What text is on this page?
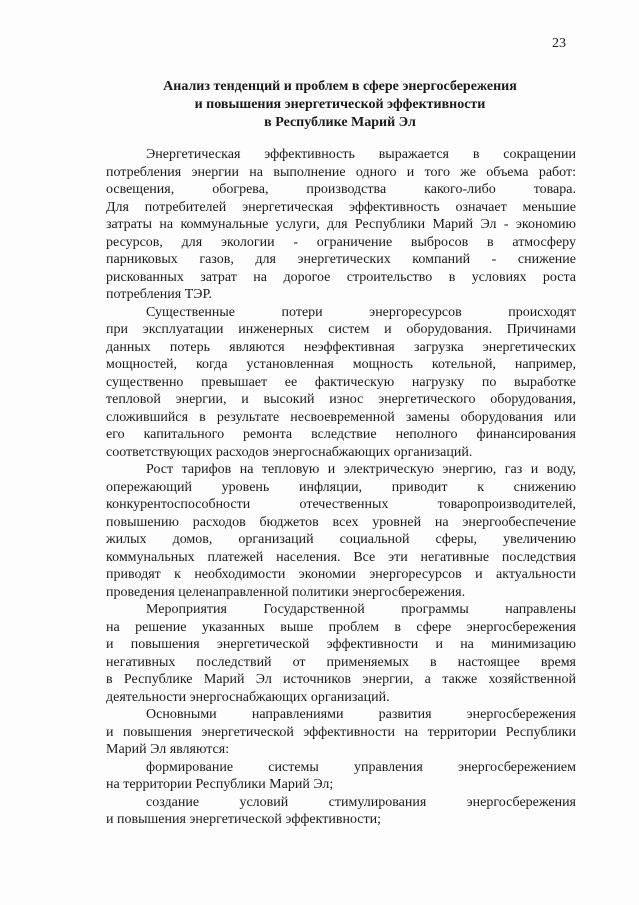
23
Анализ тенденций и проблем в сфере энергосбережения
и повышения энергетической эффективности
в Республике Марий Эл
Энергетическая эффективность выражается в сокращении
потребления энергии на выполнение одного и того же объема работ:
освещения, обогрева, производства какого-либо товара.
Для потребителей энергетическая эффективность означает меньшие
затраты на коммунальные услуги, для Республики Марий Эл - экономию
ресурсов, для экологии - ограничение выбросов в атмосферу
парниковых газов, для энергетических компаний - снижение
рискованных затрат на дорогое строительство в условиях роста
потребления ТЭР.
Существенные потери энергоресурсов происходят
при эксплуатации инженерных систем и оборудования. Причинами
данных потерь являются неэффективная загрузка энергетических
мощностей, когда установленная мощность котельной, например,
существенно превышает ее фактическую нагрузку по выработке
тепловой энергии, и высокий износ энергетического оборудования,
сложившийся в результате несвоевременной замены оборудования или
его капитального ремонта вследствие неполного финансирования
соответствующих расходов энергоснабжающих организаций.
Рост тарифов на тепловую и электрическую энергию, газ и воду,
опережающий уровень инфляции, приводит к снижению
конкурентоспособности отечественных товаропроизводителей,
повышению расходов бюджетов всех уровней на энергообеспечение
жилых домов, организаций социальной сферы, увеличению
коммунальных платежей населения. Все эти негативные последствия
приводят к необходимости экономии энергоресурсов и актуальности
проведения целенаправленной политики энергосбережения.
Мероприятия Государственной программы направлены
на решение указанных выше проблем в сфере энергосбережения
и повышения энергетической эффективности и на минимизацию
негативных последствий от применяемых в настоящее время
в Республике Марий Эл источников энергии, а также хозяйственной
деятельности энергоснабжающих организаций.
Основными направлениями развития энергосбережения
и повышения энергетической эффективности на территории Республики
Марий Эл являются:
формирование системы управления энергосбережением
на территории Республики Марий Эл;
создание условий стимулирования энергосбережения
и повышения энергетической эффективности;
